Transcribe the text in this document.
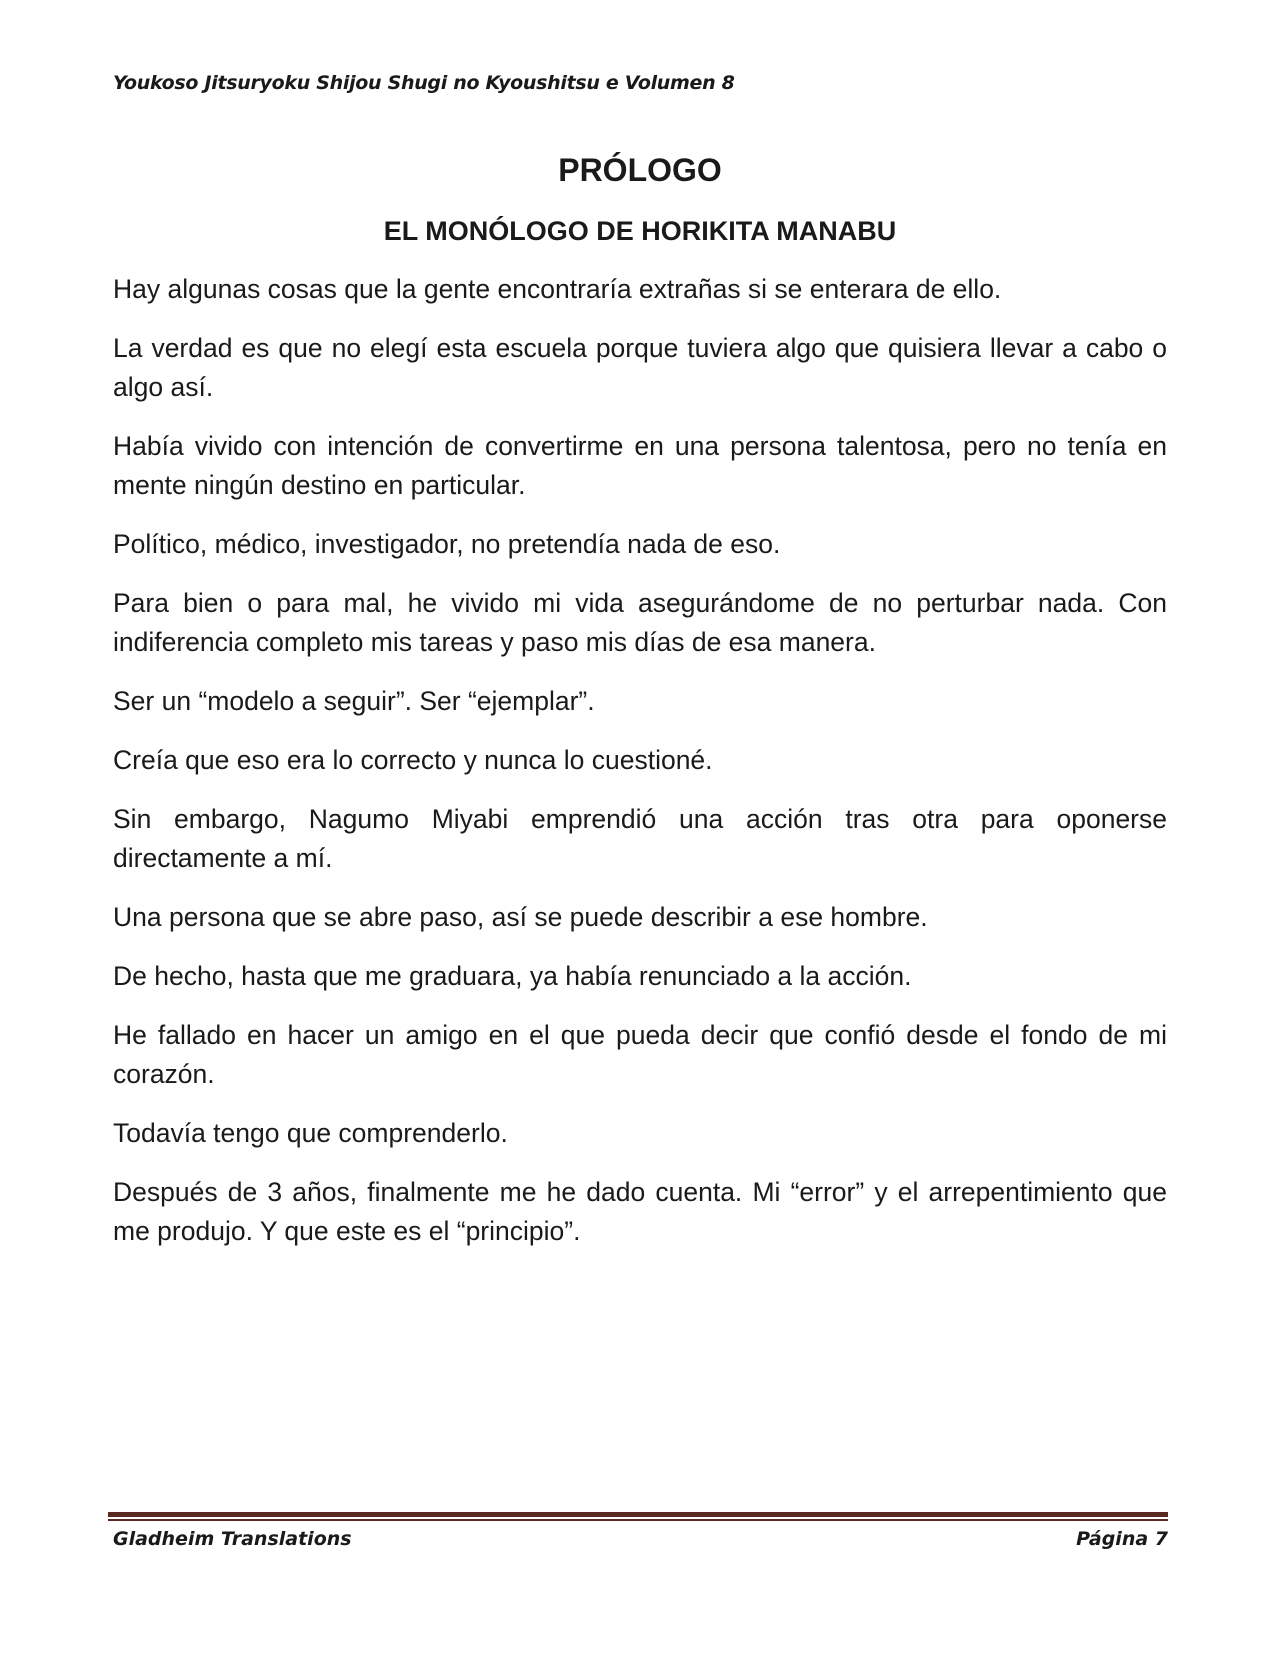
Youkoso Jitsuryoku Shijou Shugi no Kyoushitsu e Volumen 8
PRÓLOGO
EL MONÓLOGO DE HORIKITA MANABU

Hay algunas cosas que la gente encontraría extrañas si se enterara de ello.

La verdad es que no elegí esta escuela porque tuviera algo que quisiera llevar a cabo o algo así.

Había vivido con intención de convertirme en una persona talentosa, pero no tenía en mente ningún destino en particular.

Político, médico, investigador, no pretendía nada de eso.

Para bien o para mal, he vivido mi vida asegurándome de no perturbar nada. Con indiferencia completo mis tareas y paso mis días de esa manera.

Ser un “modelo a seguir”. Ser “ejemplar”.

Creía que eso era lo correcto y nunca lo cuestioné.

Sin embargo, Nagumo Miyabi emprendió una acción tras otra para oponerse directamente a mí.

Una persona que se abre paso, así se puede describir a ese hombre.

De hecho, hasta que me graduara, ya había renunciado a la acción.

He fallado en hacer un amigo en el que pueda decir que confió desde el fondo de mi corazón.

Todavía tengo que comprenderlo.

Después de 3 años, finalmente me he dado cuenta. Mi “error” y el arrepentimiento que me produjo. Y que este es el “principio”.

Gladheim Translations	Página 7
